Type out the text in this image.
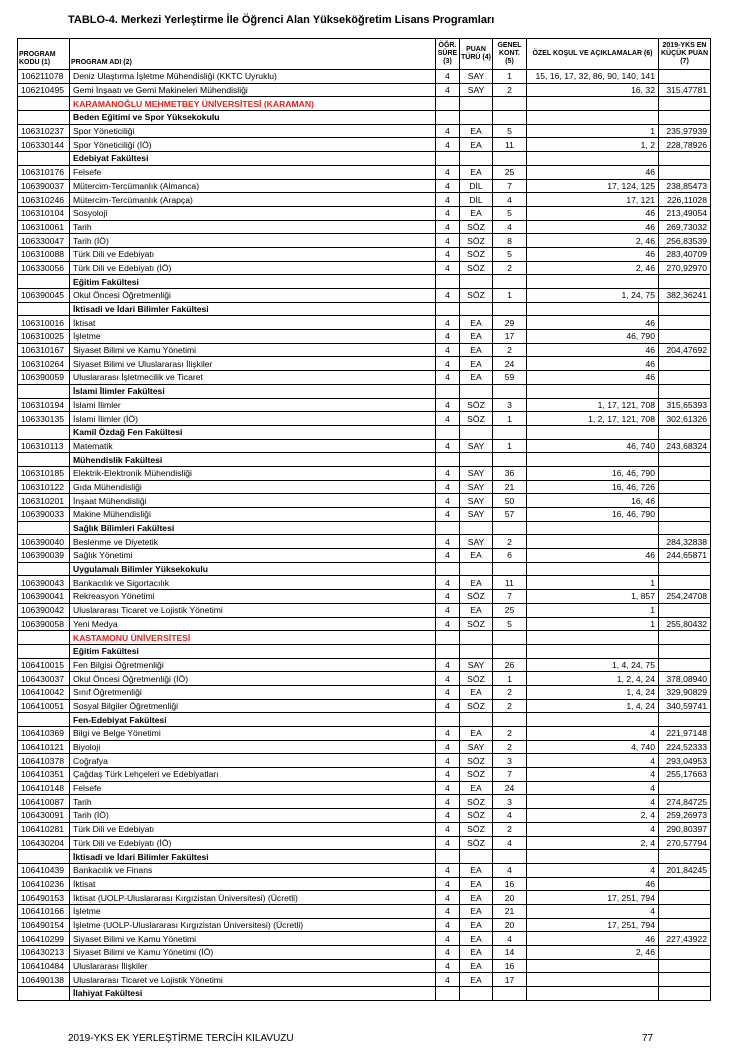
TABLO-4. Merkezi Yerleştirme İle Öğrenci Alan Yükseköğretim Lisans Programları
PROGRAM KODU (1)	PROGRAM ADI (2)	ÖĞR. SÜRE (3)	PUAN TÜRÜ (4)	GENEL KONT. (5)	ÖZEL KOŞUL VE AÇIKLAMALAR (6)	2019-YKS EN KÜÇÜK PUAN (7)
106211078	Deniz Ulaştırma İşletme Mühendisliği (KKTC Uyruklu)	4	SAY	1	15, 16, 17, 32, 86, 90, 140, 141	
106210495	Gemi İnşaatı ve Gemi Makineleri Mühendisliği	4	SAY	2	16, 32	315,47781
	KARAMANOĞLU MEHMETBEY ÜNİVERSİTESİ (KARAMAN)					
	Beden Eğitimi ve Spor Yüksekokulu					
106310237	Spor Yöneticiliği	4	EA	5	1	235,97939
106330144	Spor Yöneticiliği (İÖ)	4	EA	11	1, 2	228,78926
	Edebiyat Fakültesi					
106310176	Felsefe	4	EA	25	46	
106390037	Mütercim-Tercümanlık (Almanca)	4	DİL	7	17, 124, 125	238,85473
106310246	Mütercim-Tercümanlık (Arapça)	4	DİL	4	17, 121	226,11028
106310104	Sosyoloji	4	EA	5	46	213,49054
106310061	Tarih	4	SÖZ	4	46	269,73032
106330047	Tarih (İÖ)	4	SÖZ	8	2, 46	256,83539
106310088	Türk Dili ve Edebiyatı	4	SÖZ	5	46	283,40709
106330056	Türk Dili ve Edebiyatı (İÖ)	4	SÖZ	2	2, 46	270,92970
	Eğitim Fakültesi					
106390045	Okul Öncesi Öğretmenliği	4	SÖZ	1	1, 24, 75	382,36241
	İktisadi ve İdari Bilimler Fakültesi					
106310016	İktisat	4	EA	29	46	
106310025	İşletme	4	EA	17	46, 790	
106310167	Siyaset Bilimi ve Kamu Yönetimi	4	EA	2	46	204,47692
106310264	Siyaset Bilimi ve Uluslararası İlişkiler	4	EA	24	46	
106390059	Uluslararası İşletmecilik ve Ticaret	4	EA	59	46	
	İslami İlimler Fakültesi					
106310194	İslami İlimler	4	SÖZ	3	1, 17, 121, 708	315,65393
106330135	İslami İlimler (İÖ)	4	SÖZ	1	1, 2, 17, 121, 708	302,61326
	Kamil Özdağ Fen Fakültesi					
106310113	Matematik	4	SAY	1	46, 740	243,68324
	Mühendislik Fakültesi					
106310185	Elektrik-Elektronik Mühendisliği	4	SAY	36	16, 46, 790	
106310122	Gıda Mühendisliği	4	SAY	21	16, 46, 726	
106310201	İnşaat Mühendisliği	4	SAY	50	16, 46	
106390033	Makine Mühendisliği	4	SAY	57	16, 46, 790	
	Sağlık Bilimleri Fakültesi					
106390040	Beslenme ve Diyetetik	4	SAY	2		284,32838
106390039	Sağlık Yönetimi	4	EA	6	46	244,65871
	Uygulamalı Bilimler Yüksekokulu					
106390043	Bankacılık ve Sigortacılık	4	EA	11	1	
106390041	Rekreasyon Yönetimi	4	SÖZ	7	1, 857	254,24708
106390042	Uluslararası Ticaret ve Lojistik Yönetimi	4	EA	25	1	
106390058	Yeni Medya	4	SÖZ	5	1	255,80432
	KASTAMONU ÜNİVERSİTESİ					
	Eğitim Fakültesi					
106410015	Fen Bilgisi Öğretmenliği	4	SAY	26	1, 4, 24, 75	
106430037	Okul Öncesi Öğretmenliği (İÖ)	4	SÖZ	1	1, 2, 4, 24	378,08940
106410042	Sınıf Öğretmenliği	4	EA	2	1, 4, 24	329,90829
106410051	Sosyal Bilgiler Öğretmenliği	4	SÖZ	2	1, 4, 24	340,59741
	Fen-Edebiyat Fakültesi					
106410369	Bilgi ve Belge Yönetimi	4	EA	2	4	221,97148
106410121	Biyoloji	4	SAY	2	4, 740	224,52333
106410378	Coğrafya	4	SÖZ	3	4	293,04953
106410351	Çağdaş Türk Lehçeleri ve Edebiyatları	4	SÖZ	7	4	255,17663
106410148	Felsefe	4	EA	24	4	
106410087	Tarih	4	SÖZ	3	4	274,84725
106430091	Tarih (İÖ)	4	SÖZ	4	2, 4	259,26973
106410281	Türk Dili ve Edebiyatı	4	SÖZ	2	4	290,80397
106430204	Türk Dili ve Edebiyatı (İÖ)	4	SÖZ	4	2, 4	270,57794
	İktisadi ve İdari Bilimler Fakültesi					
106410439	Bankacılık ve Finans	4	EA	4	4	201,84245
106410236	İktisat	4	EA	16	46	
106490153	İktisat (UOLP-Uluslararası Kırgızistan Üniversitesi) (Ücretli)	4	EA	20	17, 251, 794	
106410166	İşletme	4	EA	21	4	
106490154	İşletme (UOLP-Uluslararası Kırgızistan Üniversitesi) (Ücretli)	4	EA	20	17, 251, 794	
106410299	Siyaset Bilimi ve Kamu Yönetimi	4	EA	4	46	227,43922
106430213	Siyaset Bilimi ve Kamu Yönetimi (İÖ)	4	EA	14	2, 46	
106410484	Uluslararası İlişkiler	4	EA	16		
106490138	Uluslararası Ticaret ve Lojistik Yönetimi	4	EA	17		
	İlahiyat Fakültesi					
2019-YKS EK YERLEŞTİRME TERCİH KILAVUZU	77
